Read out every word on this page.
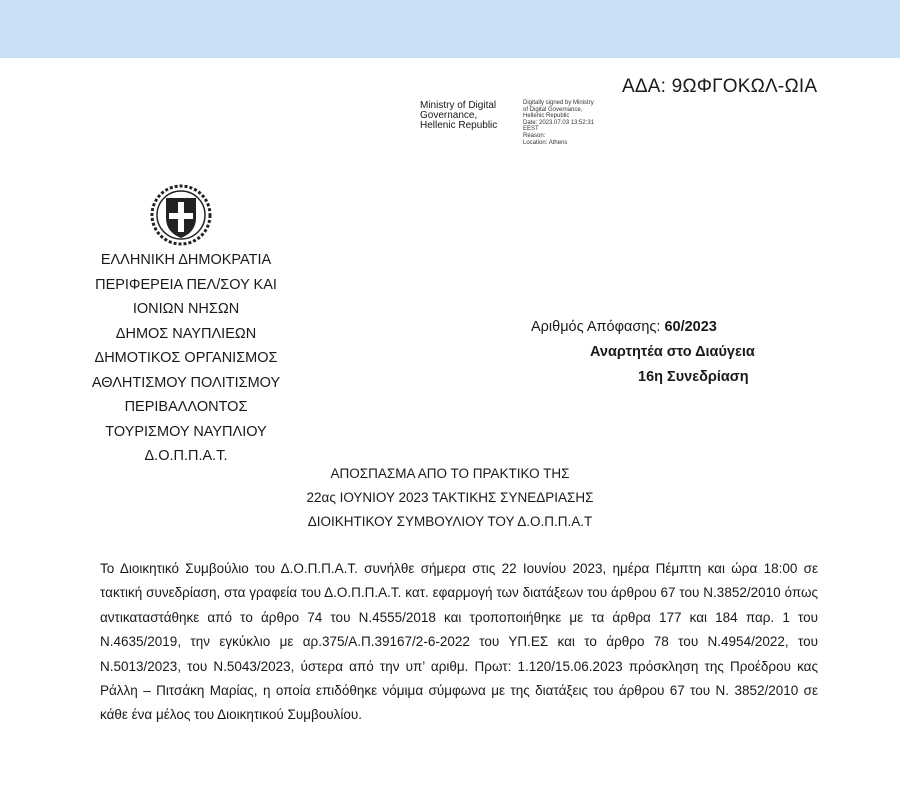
ΑΔΑ: 9ΩΦΓΟΚΩΛ-ΩΙΑ
Ministry of Digital
Governance,
Hellenic Republic
Digitally signed by Ministry
of Digital Governance,
Hellenic Republic
Date: 2023.07.03 13:52:31
EEST
Reason:
Location: Athens
ΕΛΛΗΝΙΚΗ ΔΗΜΟΚΡΑΤΙΑ
ΠΕΡΙΦΕΡΕΙΑ ΠΕΛ/ΣΟΥ ΚΑΙ
ΙΟΝΙΩΝ ΝΗΣΩΝ
ΔΗΜΟΣ ΝΑΥΠΛΙΕΩΝ
ΔΗΜΟΤΙΚΟΣ ΟΡΓΑΝΙΣΜΟΣ
ΑΘΛΗΤΙΣΜΟΥ ΠΟΛΙΤΙΣΜΟΥ
ΠΕΡΙΒΑΛΛΟΝΤΟΣ
ΤΟΥΡΙΣΜΟΥ ΝΑΥΠΛΙΟΥ
Δ.Ο.Π.Π.Α.Τ.
Αριθμός Απόφασης: 60/2023
Αναρτητέα στο Διαύγεια
16η Συνεδρίαση
ΑΠΟΣΠΑΣΜΑ ΑΠΟ ΤΟ ΠΡΑΚΤΙΚΟ ΤΗΣ
22ας ΙΟΥΝΙΟΥ 2023 ΤΑΚΤΙΚΗΣ ΣΥΝΕΔΡΙΑΣΗΣ
ΔΙΟΙΚΗΤΙΚΟΥ ΣΥΜΒΟΥΛΙΟΥ ΤΟΥ Δ.Ο.Π.Π.Α.Τ
Το Διοικητικό Συμβούλιο του Δ.Ο.Π.Π.Α.Τ. συνήλθε σήμερα στις 22 Ιουνίου 2023, ημέρα Πέμπτη και ώρα 18:00 σε τακτική συνεδρίαση, στα γραφεία του Δ.Ο.Π.Π.Α.Τ. κατ. εφαρμογή των διατάξεων του άρθρου 67 του Ν.3852/2010 όπως αντικαταστάθηκε από το άρθρο 74 του Ν.4555/2018 και τροποποιήθηκε με τα άρθρα 177 και 184 παρ. 1 του Ν.4635/2019, την εγκύκλιο με αρ.375/Α.Π.39167/2-6-2022 του ΥΠ.ΕΣ και το άρθρο 78 του Ν.4954/2022, του Ν.5013/2023, του Ν.5043/2023, ύστερα από την υπ’ αριθμ. Πρωτ: 1.120/15.06.2023 πρόσκληση της Προέδρου κας Ράλλη – Πιτσάκη Μαρίας, η οποία επιδόθηκε νόμιμα σύμφωνα με της διατάξεις του άρθρου 67 του Ν. 3852/2010 σε κάθε ένα μέλος του Διοικητικού Συμβουλίου.
